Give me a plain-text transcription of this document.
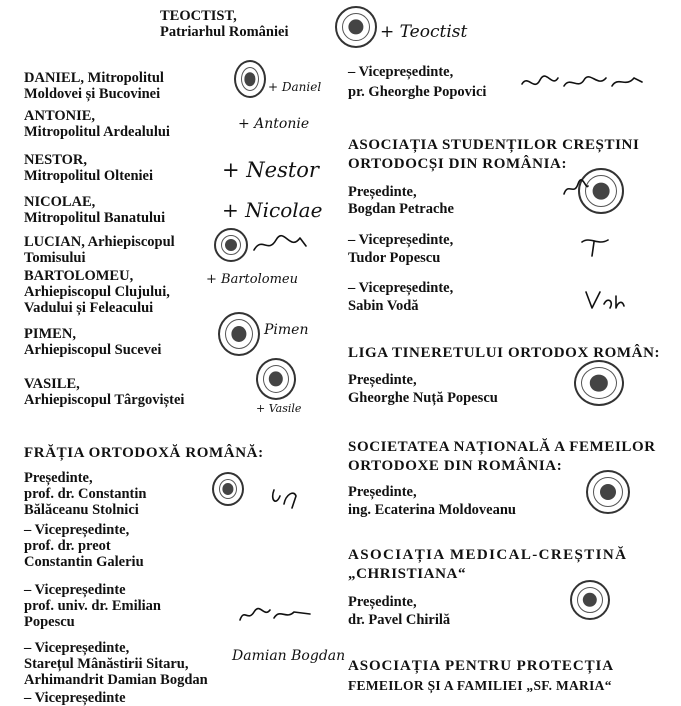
TEOCTIST,
Patriarhul României	+ Teoctist
DANIEL, Mitropolitul
Moldovei și Bucovinei	+ Daniel
ANTONIE,
Mitropolitul Ardealului	+ Antonie
NESTOR,
Mitropolitul Olteniei	+ Nestor
NICOLAE,
Mitropolitul Banatului	+ Nicolae
LUCIAN, Arhiepiscopul
Tomisului
BARTOLOMEU,
Arhiepiscopul Clujului,
Vadului și Feleacului
+ Bartolomeu
PIMEN,
Arhiepiscopul Sucevei
Pimen
VASILE,
Arhiepiscopul Târgoviștei
+ Vasile
FRĂȚIA ORTODOXĂ ROMÂNĂ:
Președinte,
prof. dr. Constantin
Bălăceanu Stolnici
– Vicepreședinte,
prof. dr. preot
Constantin Galeriu
– Vicepreședinte
prof. univ. dr. Emilian
Popescu
– Vicepreședinte,
Starețul Mânăstirii Sitaru,
Arhimandrit Damian Bogdan
Damian Bogdan
– Vicepreședinte
– Vicepreședinte,
pr. Gheorghe Popovici
ASOCIAȚIA STUDENȚILOR CREȘTINI
ORTODOCȘI DIN ROMÂNIA:
Președinte,
Bogdan Petrache
– Vicepreședinte,
Tudor Popescu
– Vicepreședinte,
Sabin Vodă
LIGA TINERETULUI ORTODOX ROMÂN:
Președinte,
Gheorghe Nuță Popescu
SOCIETATEA NAȚIONALĂ A FEMEILOR
ORTODOXE DIN ROMÂNIA:
Președinte,
ing. Ecaterina Moldoveanu
ASOCIAȚIA MEDICAL-CREȘTINĂ
„CHRISTIANA“
Președinte,
dr. Pavel Chirilă
ASOCIAȚIA PENTRU PROTECȚIA
FEMEILOR ȘI A FAMILIEI „SF. MARIA“
